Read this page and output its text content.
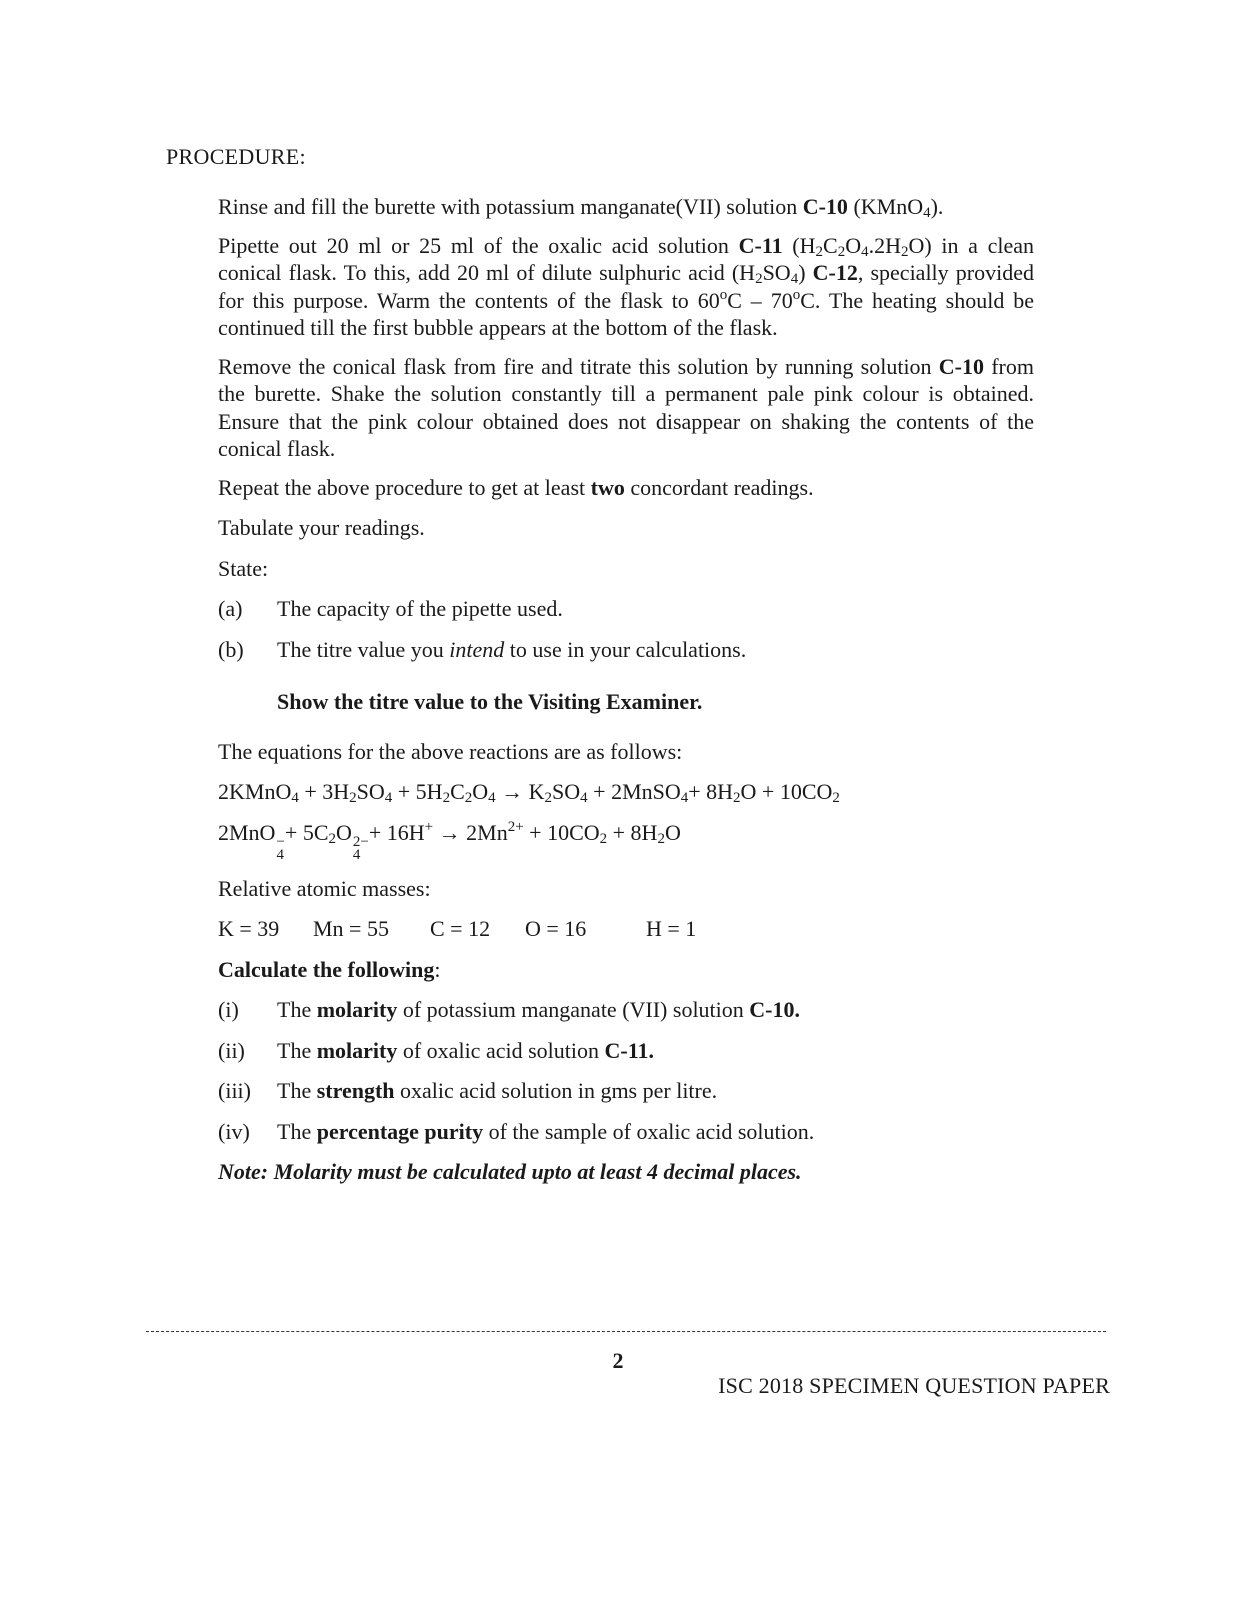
PROCEDURE:

Rinse and fill the burette with potassium manganate(VII) solution C-10 (KMnO$_4$).

Pipette out 20 ml or 25 ml of the oxalic acid solution C-11 $(H_2C_2O_4.2H_2O)$ in a clean conical flask. To this, add 20 ml of dilute sulphuric acid $(H_2SO_4)$ C-12, specially provided for this purpose. Warm the contents of the flask to 60$^o$C – 70$^o$C. The heating should be continued till the first bubble appears at the bottom of the flask.

Remove the conical flask from fire and titrate this solution by running solution C-10 from the burette. Shake the solution constantly till a permanent pale pink colour is obtained. Ensure that the pink colour obtained does not disappear on shaking the contents of the conical flask.

Repeat the above procedure to get at least two concordant readings.

Tabulate your readings.

State:

(a)	The capacity of the pipette used.
(b)	The titre value you intend to use in your calculations.
Show the titre value to the Visiting Examiner.

The equations for the above reactions are as follows:

2KMnO$_4$ + $3H_2SO_4 + 5H_2C_2O_4 \to K_2SO_4$ + 2MnSO$_4$+ $8H_2O + 10CO_2$
2MnO −
4
+ $5C_2O$ 2−
4
+ $16H^+ \to 2Mn^{2+} + 10CO_2 + 8H_2O$

Relative atomic masses:

K = 39	Mn = 55	C = 12	O = 16	H = 1

Calculate the following:

(i)	The molarity of potassium manganate (VII) solution C-10.
(ii)	The molarity of oxalic acid solution C-11.
(iii)	The strength oxalic acid solution in gms per litre.
(iv)	The percentage purity of the sample of oxalic acid solution.
Note: Molarity must be calculated upto at least 4 decimal places.
2
ISC 2018 SPECIMEN QUESTION PAPER
